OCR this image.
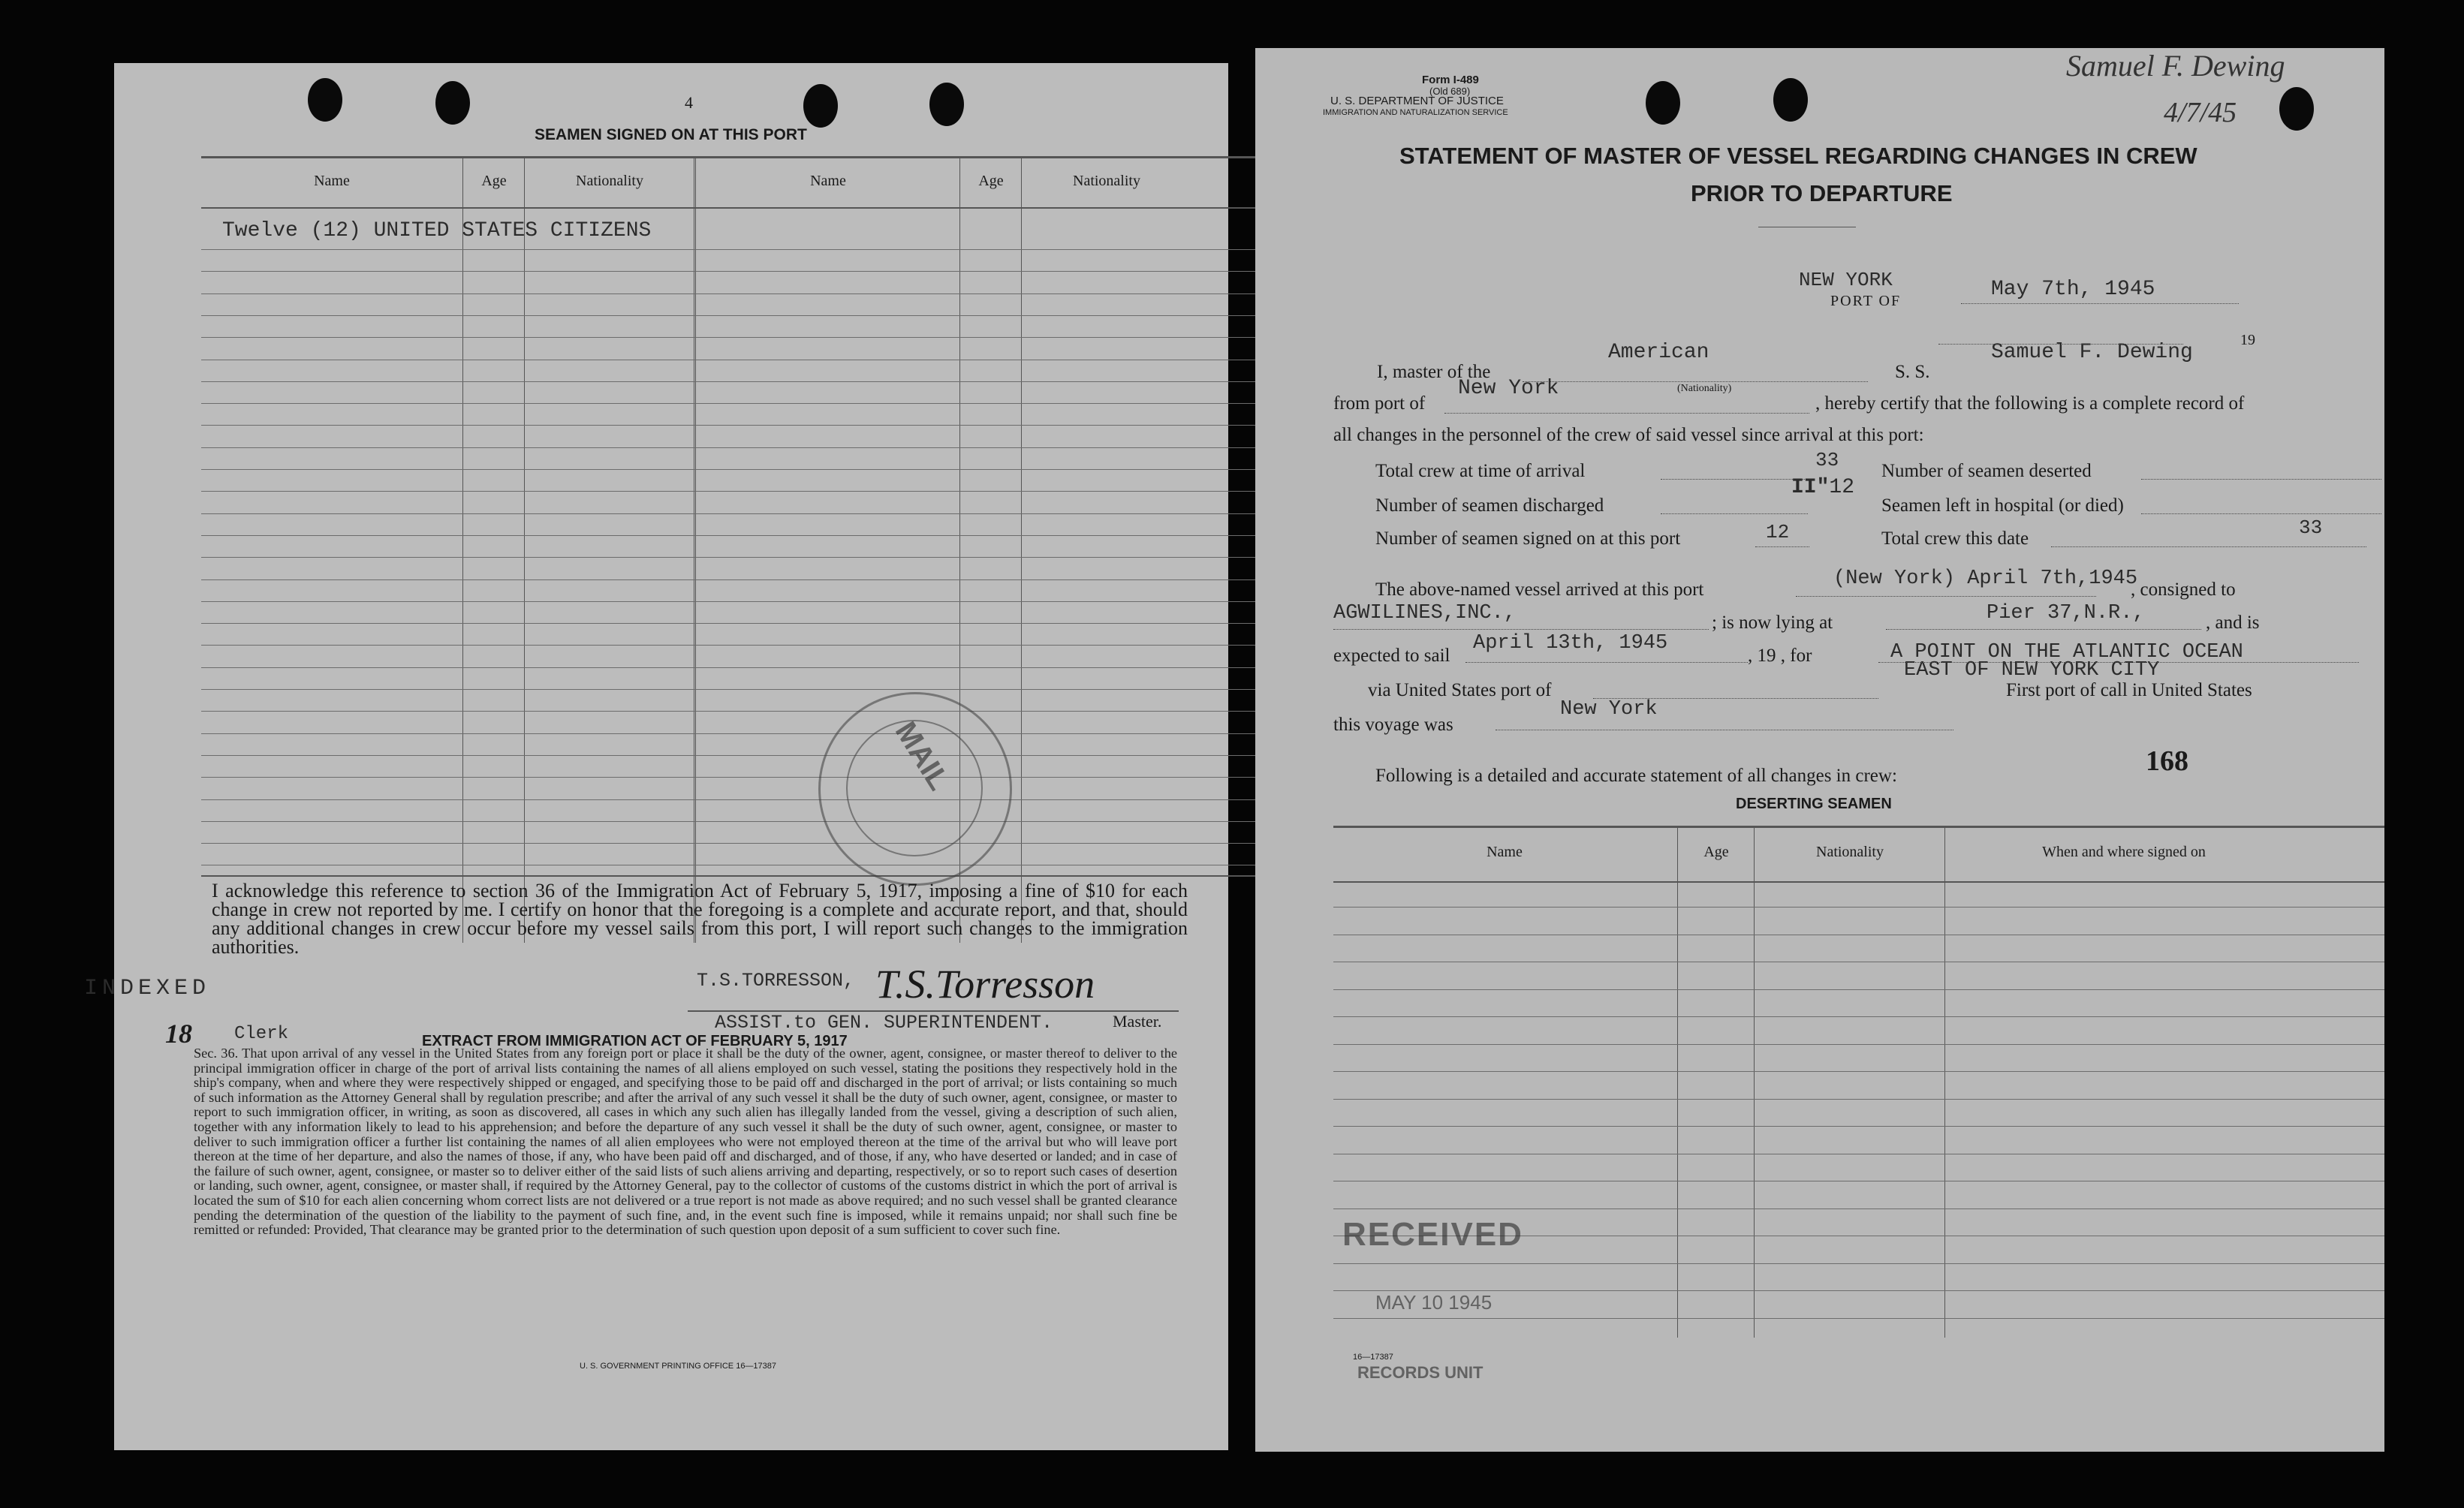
4
SEAMEN SIGNED ON AT THIS PORT
Name	Age	Nationality	Name	Age	Nationality
Twelve (12) UNITED STATES CITIZENS
MAIL
I acknowledge this reference to section 36 of the Immigration Act of February 5, 1917, imposing a fine of $10 for each change in crew not reported by me. I certify on honor that the foregoing is a complete and accurate report, and that, should any additional changes in crew occur before my vessel sails from this port, I will report such changes to the immigration authorities.
INDEXED
18 Clerk
T.S.TORRESSON, T.S.Torresson
ASSIST.to GEN. SUPERINTENDENT.	Master.
EXTRACT FROM IMMIGRATION ACT OF FEBRUARY 5, 1917
Sec. 36. That upon arrival of any vessel in the United States from any foreign port or place it shall be the duty of the owner, agent, consignee, or master thereof to deliver to the principal immigration officer in charge of the port of arrival lists containing the names of all aliens employed on such vessel, stating the positions they respectively hold in the ship's company, when and where they were respectively shipped or engaged, and specifying those to be paid off and discharged in the port of arrival; or lists containing so much of such information as the Attorney General shall by regulation prescribe; and after the arrival of any such vessel it shall be the duty of such owner, agent, consignee, or master to report to such immigration officer, in writing, as soon as discovered, all cases in which any such alien has illegally landed from the vessel, giving a description of such alien, together with any information likely to lead to his apprehension; and before the departure of any such vessel it shall be the duty of such owner, agent, consignee, or master to deliver to such immigration officer a further list containing the names of all alien employees who were not employed thereon at the time of the arrival but who will leave port thereon at the time of her departure, and also the names of those, if any, who have been paid off and discharged, and of those, if any, who have deserted or landed; and in case of the failure of such owner, agent, consignee, or master so to deliver either of the said lists of such aliens arriving and departing, respectively, or so to report such cases of desertion or landing, such owner, agent, consignee, or master shall, if required by the Attorney General, pay to the collector of customs of the customs district in which the port of arrival is located the sum of $10 for each alien concerning whom correct lists are not delivered or a true report is not made as above required; and no such vessel shall be granted clearance pending the determination of the question of the liability to the payment of such fine, and, in the event such fine is imposed, while it remains unpaid; nor shall such fine be remitted or refunded: Provided, That clearance may be granted prior to the determination of such question upon deposit of a sum sufficient to cover such fine.
U. S. GOVERNMENT PRINTING OFFICE 16—17387
Form I-489
(Old 689)
U. S. DEPARTMENT OF JUSTICE
IMMIGRATION AND NATURALIZATION SERVICE
Samuel F. Dewing
4/7/45
STATEMENT OF MASTER OF VESSEL REGARDING CHANGES IN CREW
PRIOR TO DEPARTURE
NEW YORK
PORT OF	May 7th, 1945
I, master of the
American
S. S.
Samuel F. Dewing
19
from port of
New York	(Nationality)
, hereby certify that the following is a complete record of
all changes in the personnel of the crew of said vessel since arrival at this port:
Total crew at time of arrival	33
Number of seamen discharged
II"12
Number of seamen signed on at this port	12
Number of seamen deserted
Seamen left in hospital (or died)
Total crew this date	33
The above-named vessel arrived at this port	(New York) April 7th,1945
, consigned to
AGWILINES,INC.,	; is now lying at	Pier 37,N.R.,	, and is
expected to sail
April 13th, 1945
, 19 , for	A POINT ON THE ATLANTIC OCEAN
EAST OF NEW YORK CITY
via United States port of	First port of call in United States
this voyage was
New York
Following is a detailed and accurate statement of all changes in crew:	168
DESERTING SEAMEN
Name	Age	Nationality	When and where signed on
RECEIVED
MAY 10 1945
16—17387
RECORDS UNIT
